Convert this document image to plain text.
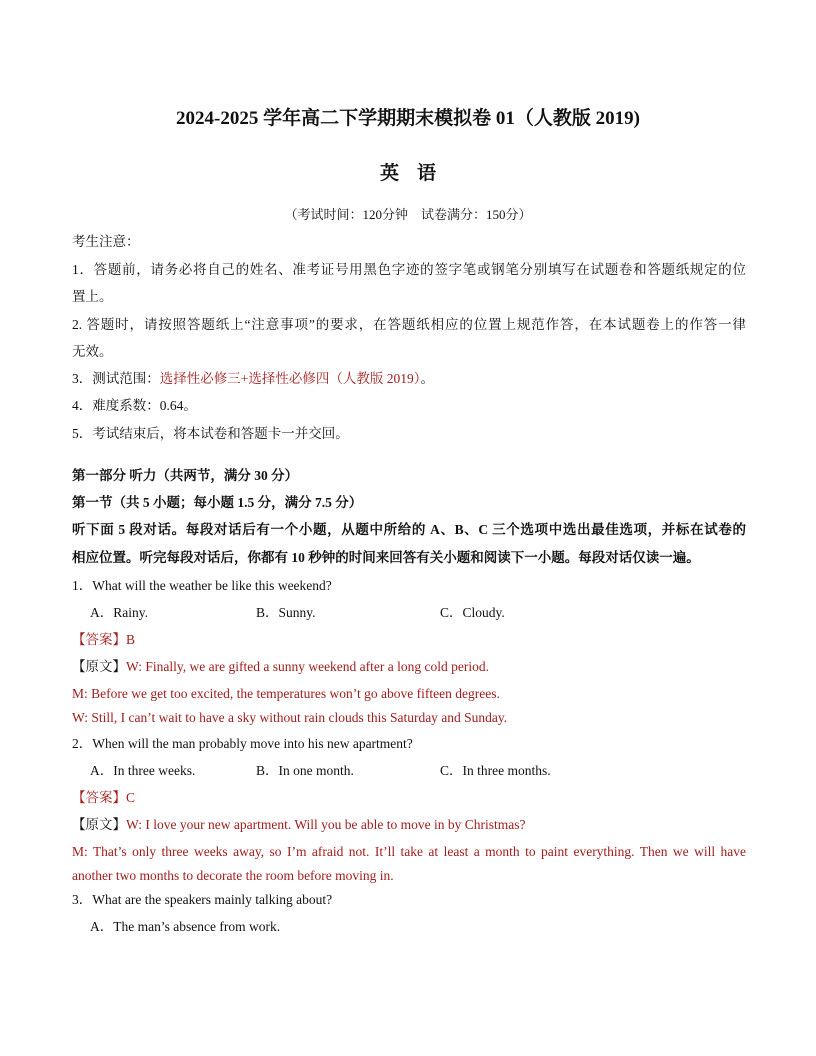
2024-2025 学年高二下学期期末模拟卷 01（人教版 2019)
英语
（考试时间：120分钟　试卷满分：150分）
考生注意：
1．答题前，请务必将自己的姓名、准考证号用黑色字迹的签字笔或钢笔分别填写在试题卷和答题纸规定的位
置上。
2. 答题时，请按照答题纸上“注意事项”的要求，在答题纸相应的位置上规范作答，在本试题卷上的作答一律
无效。
3．测试范围：选择性必修三+选择性必修四（人教版 2019）。
4．难度系数：0.64。
5．考试结束后，将本试卷和答题卡一并交回。
第一部分 听力（共两节，满分 30 分）
第一节（共 5 小题；每小题 1.5 分，满分 7.5 分）
听下面 5 段对话。每段对话后有一个小题，从题中所给的 A、B、C 三个选项中选出最佳选项，并标在试卷的
相应位置。听完每段对话后，你都有 10 秒钟的时间来回答有关小题和阅读下一小题。每段对话仅读一遍。
1．What will the weather be like this weekend?
A．Rainy.	B．Sunny.	C．Cloudy.
【答案】B
【原文】W: Finally, we are gifted a sunny weekend after a long cold period.
M: Before we get too excited, the temperatures won’t go above fifteen degrees.
W: Still, I can’t wait to have a sky without rain clouds this Saturday and Sunday.
2．When will the man probably move into his new apartment?
A．In three weeks.	B．In one month.	C．In three months.
【答案】C
【原文】W: I love your new apartment. Will you be able to move in by Christmas?
M: That’s only three weeks away, so I’m afraid not. It’ll take at least a month to paint everything. Then we will have
another two months to decorate the room before moving in.
3．What are the speakers mainly talking about?
A．The man’s absence from work.
